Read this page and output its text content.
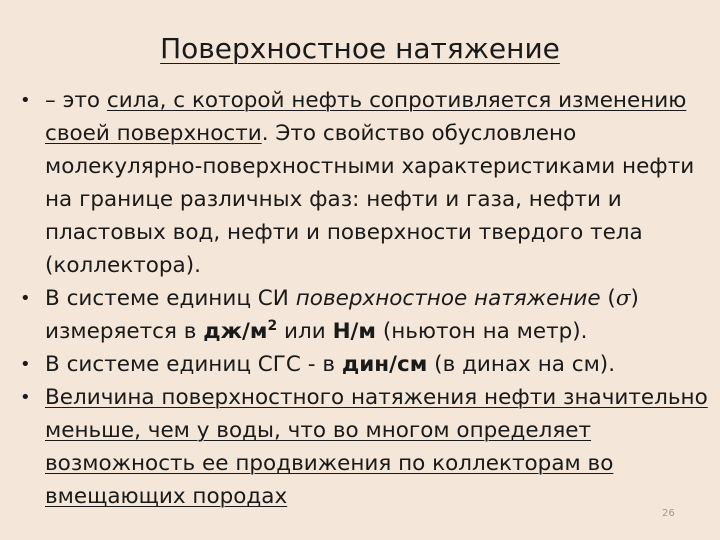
Поверхностное натяжение
• – это сила, с которой нефть сопротивляется изменению своей поверхности. Это свойство обусловлено молекулярно-поверхностными характеристиками нефти на границе различных фаз: нефти и газа, нефти и пластовых вод, нефти и поверхности твердого тела (коллектора).
• В системе единиц СИ поверхностное натяжение (σ) измеряется в $дж/м^2$ или Н/м (ньютон на метр).
• В системе единиц СГС - в дин/см (в динах на см).
• Величина поверхностного натяжения нефти значительно меньше, чем у воды, что во многом определяет возможность ее продвижения по коллекторам во вмещающих породах
26
